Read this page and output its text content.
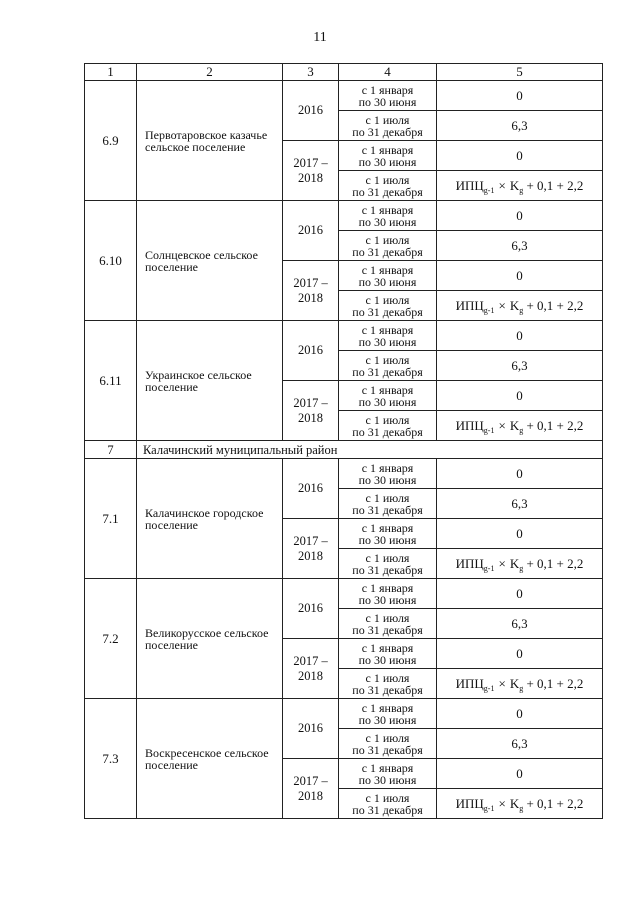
11
1	2	3	4	5
6.9	Первотаровское казачье сельское поселение	2016	с 1 января
по 30 июня	0
			с 1 июля
по 31 декабря	6,3
		2017 –
2018	с 1 января
по 30 июня	0
			с 1 июля
по 31 декабря	$ИПЦ_{g-1} \times K_g + 0,1 + 2,2$
6.10	Солнцевское сельское поселение	2016	с 1 января
по 30 июня	0
			с 1 июля
по 31 декабря	6,3
		2017 –
2018	с 1 января
по 30 июня	0
			с 1 июля
по 31 декабря	$ИПЦ_{g-1} \times K_g + 0,1 + 2,2$
6.11	Украинское сельское поселение	2016	с 1 января
по 30 июня	0
			с 1 июля
по 31 декабря	6,3
		2017 –
2018	с 1 января
по 30 июня	0
			с 1 июля
по 31 декабря	$ИПЦ_{g-1} \times K_g + 0,1 + 2,2$
7	Калачинский муниципальный район			
7.1	Калачинское городское поселение	2016	с 1 января
по 30 июня	0
			с 1 июля
по 31 декабря	6,3
		2017 –
2018	с 1 января
по 30 июня	0
			с 1 июля
по 31 декабря	$ИПЦ_{g-1} \times K_g + 0,1 + 2,2$
7.2	Великорусское сельское поселение	2016	с 1 января
по 30 июня	0
			с 1 июля
по 31 декабря	6,3
		2017 –
2018	с 1 января
по 30 июня	0
			с 1 июля
по 31 декабря	$ИПЦ_{g-1} \times K_g + 0,1 + 2,2$
7.3	Воскресенское сельское поселение	2016	с 1 января
по 30 июня	0
			с 1 июля
по 31 декабря	6,3
		2017 –
2018	с 1 января
по 30 июня	0
			с 1 июля
по 31 декабря	$ИПЦ_{g-1} \times K_g + 0,1 + 2,2$
